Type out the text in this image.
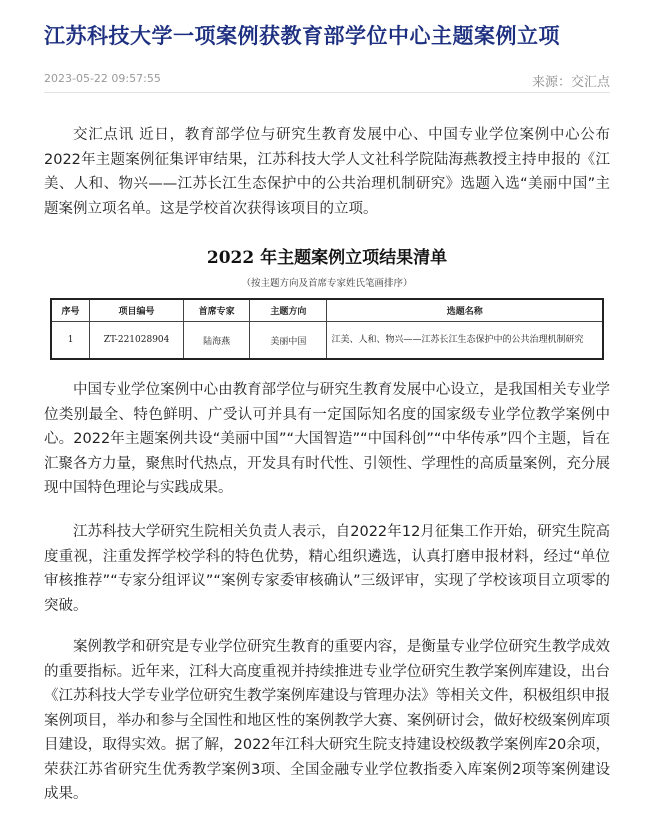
江苏科技大学一项案例获教育部学位中心主题案例立项
2023-05-22 09:57:55	来源：交汇点

交汇点讯 近日，教育部学位与研究生教育发展中心、中国专业学位案例中心公布2022年主题案例征集评审结果，江苏科技大学人文社科学院陆海燕教授主持申报的《江美、人和、物兴——江苏长江生态保护中的公共治理机制研究》选题入选“美丽中国”主题案例立项名单。这是学校首次获得该项目的立项。

2022 年主题案例立项结果清单
（按主题方向及首席专家姓氏笔画排序）
序号	项目编号	首席专家	主题方向	选题名称
1	ZT-221028904	陆海燕	美丽中国	江美、人和、物兴——江苏长江生态保护中的公共治理机制研究

中国专业学位案例中心由教育部学位与研究生教育发展中心设立，是我国相关专业学位类别最全、特色鲜明、广受认可并具有一定国际知名度的国家级专业学位教学案例中心。2022年主题案例共设“美丽中国”“大国智造”“中国科创”“中华传承”四个主题，旨在汇聚各方力量，聚焦时代热点，开发具有时代性、引领性、学理性的高质量案例，充分展现中国特色理论与实践成果。

江苏科技大学研究生院相关负责人表示，自2022年12月征集工作开始，研究生院高度重视，注重发挥学校学科的特色优势，精心组织遴选，认真打磨申报材料，经过“单位审核推荐”“专家分组评议”“案例专家委审核确认”三级评审，实现了学校该项目立项零的突破。

案例教学和研究是专业学位研究生教育的重要内容，是衡量专业学位研究生教学成效的重要指标。近年来，江科大高度重视并持续推进专业学位研究生教学案例库建设，出台《江苏科技大学专业学位研究生教学案例库建设与管理办法》等相关文件，积极组织申报案例项目，举办和参与全国性和地区性的案例教学大赛、案例研讨会，做好校级案例库项目建设，取得实效。据了解，2022年江科大研究生院支持建设校级教学案例库20余项，荣获江苏省研究生优秀教学案例3项、全国金融专业学位教指委入库案例2项等案例建设成果。
